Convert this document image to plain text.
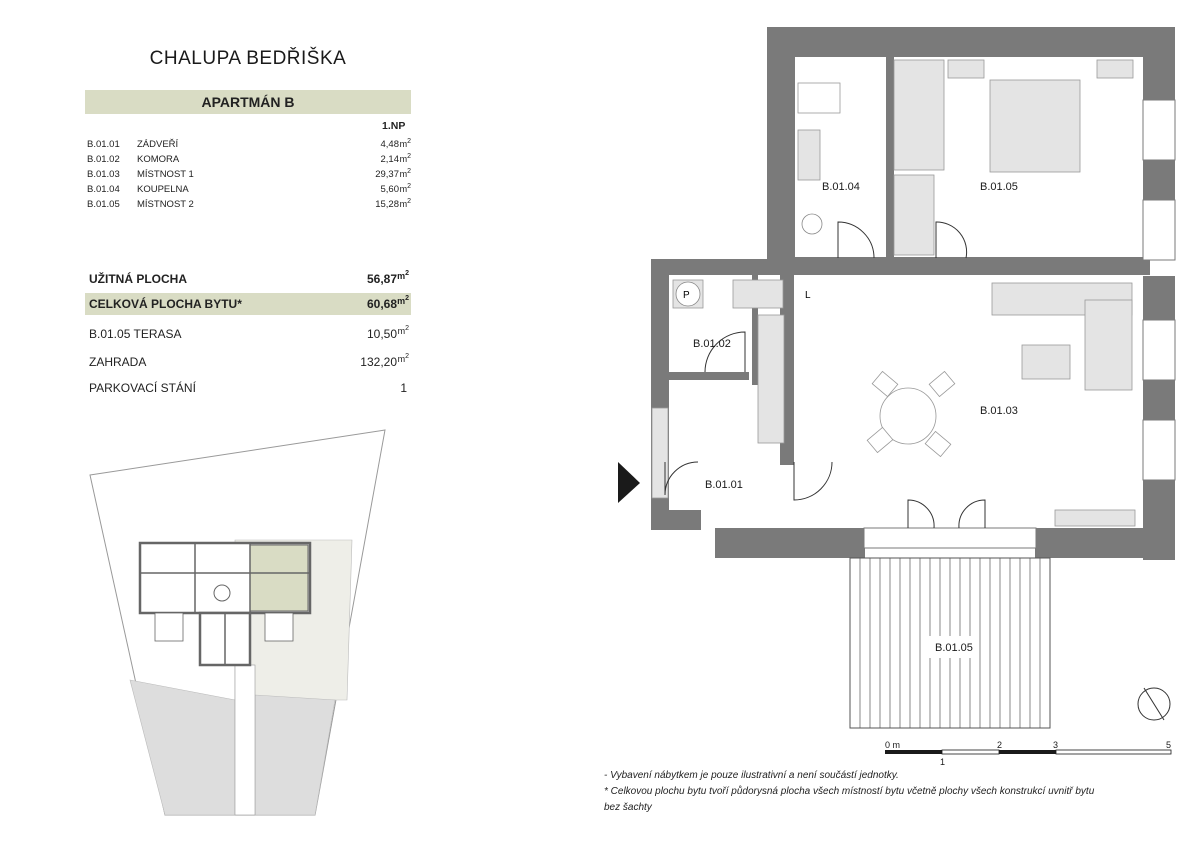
CHALUPA BEDŘIŠKA
APARTMÁN B
1.NP
B.01.01 ZÁDVEŘÍ	4,48 $m^2$
B.01.02 KOMORA	2,14 $m^2$
B.01.03 MÍSTNOST 1	29,37 $m^2$
B.01.04 KOUPELNA	5,60 $m^2$
B.01.05 MÍSTNOST 2	15,28 $m^2$
UŽITNÁ PLOCHA	56,87 $m^2$
CELKOVÁ PLOCHA BYTU*	60,68 $m^2$
B.01.05 TERASA	10,50 $m^2$
ZAHRADA	132,20 $m^2$
PARKOVACÍ STÁNÍ	1
P	L
B.01.04	B.01.05
B.01.02
B.01.03
B.01.01
B.01.05
0 m
1
2	3	5
- Vybavení nábytkem je pouze ilustrativní a není součástí jednotky.
* Celkovou plochu bytu tvoří půdorysná plocha všech místností bytu včetně plochy všech konstrukcí uvnitř bytu
bez šachty
